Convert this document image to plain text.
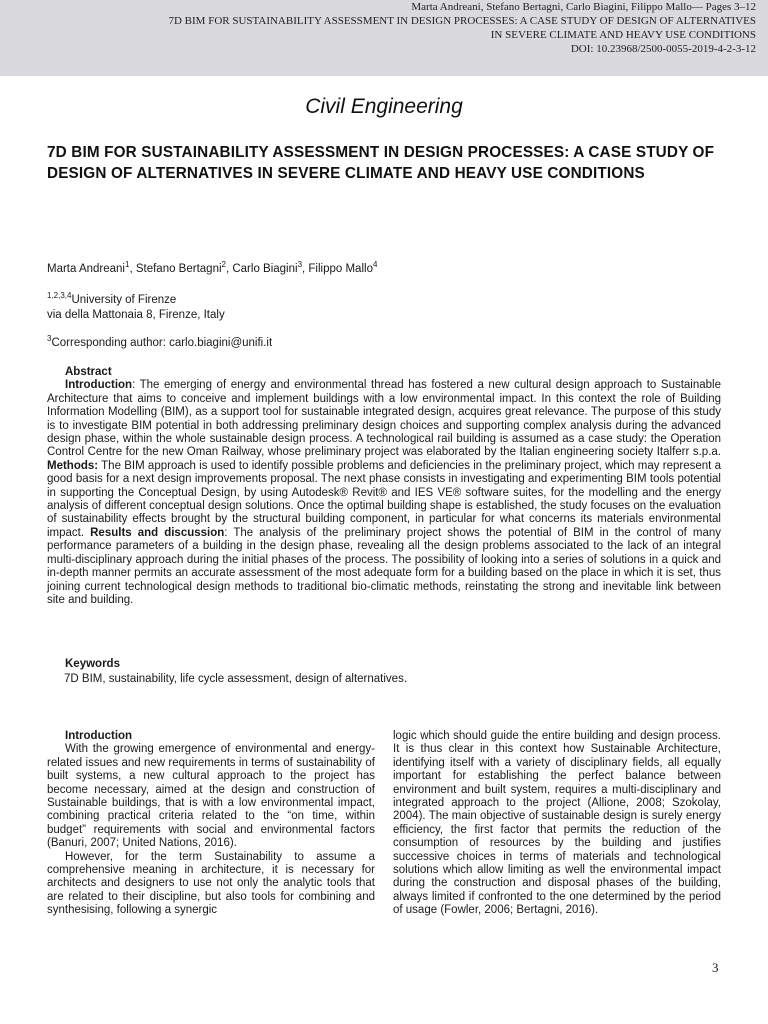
Marta Andreani, Stefano Bertagni, Carlo Biagini, Filippo Mallo— Pages 3–12
7D BIM FOR SUSTAINABILITY ASSESSMENT IN DESIGN PROCESSES: A CASE STUDY OF DESIGN OF ALTERNATIVES
IN SEVERE CLIMATE AND HEAVY USE CONDITIONS
DOI: 10.23968/2500-0055-2019-4-2-3-12
Civil Engineering
7D BIM FOR SUSTAINABILITY ASSESSMENT IN DESIGN PROCESSES: A CASE STUDY OF DESIGN OF ALTERNATIVES IN SEVERE CLIMATE AND HEAVY USE CONDITIONS
Marta Andreani$^1$, Stefano Bertagni$^2$, Carlo Biagini$^3$, Filippo Mallo$^4$
$^{1,2,3,4}$University of Firenze
via della Mattonaia 8, Firenze, Italy
$^3$Corresponding author: carlo.biagini@unifi.it
Abstract

Introduction: The emerging of energy and environmental thread has fostered a new cultural design approach to Sustainable Architecture that aims to conceive and implement buildings with a low environmental impact. In this context the role of Building Information Modelling (BIM), as a support tool for sustainable integrated design, acquires great relevance. The purpose of this study is to investigate BIM potential in both addressing preliminary design choices and supporting complex analysis during the advanced design phase, within the whole sustainable design process. A technological rail building is assumed as a case study: the Operation Control Centre for the new Oman Railway, whose preliminary project was elaborated by the Italian engineering society Italferr s.p.a. Methods: The BIM approach is used to identify possible problems and deficiencies in the preliminary project, which may represent a good basis for a next design improvements proposal. The next phase consists in investigating and experimenting BIM tools potential in supporting the Conceptual Design, by using Autodesk® Revit® and IES VE® software suites, for the modelling and the energy analysis of different conceptual design solutions. Once the optimal building shape is established, the study focuses on the evaluation of sustainability effects brought by the structural building component, in particular for what concerns its materials environmental impact. Results and discussion: The analysis of the preliminary project shows the potential of BIM in the control of many performance parameters of a building in the design phase, revealing all the design problems associated to the lack of an integral multi-disciplinary approach during the initial phases of the process. The possibility of looking into a series of solutions in a quick and in-depth manner permits an accurate assessment of the most adequate form for a building based on the place in which it is set, thus joining current technological design methods to traditional bio-climatic methods, reinstating the strong and inevitable link between site and building.

Keywords
7D BIM, sustainability, life cycle assessment, design of alternatives.
Introduction

With the growing emergence of environmental and energy-related issues and new requirements in terms of sustainability of built systems, a new cultural approach to the project has become necessary, aimed at the design and construction of Sustainable buildings, that is with a low environmental impact, combining practical criteria related to the “on time, within budget” requirements with social and environmental factors (Banuri, 2007; United Nations, 2016).

However, for the term Sustainability to assume a comprehensive meaning in architecture, it is necessary for architects and designers to use not only the analytic tools that are related to their discipline, but also tools for combining and synthesising, following a synergic

logic which should guide the entire building and design process. It is thus clear in this context how Sustainable Architecture, identifying itself with a variety of disciplinary fields, all equally important for establishing the perfect balance between environment and built system, requires a multi-disciplinary and integrated approach to the project (Allione, 2008; Szokolay, 2004). The main objective of sustainable design is surely energy efficiency, the first factor that permits the reduction of the consumption of resources by the building and justifies successive choices in terms of materials and technological solutions which allow limiting as well the environmental impact during the construction and disposal phases of the building, always limited if confronted to the one determined by the period of usage (Fowler, 2006; Bertagni, 2016).

3
